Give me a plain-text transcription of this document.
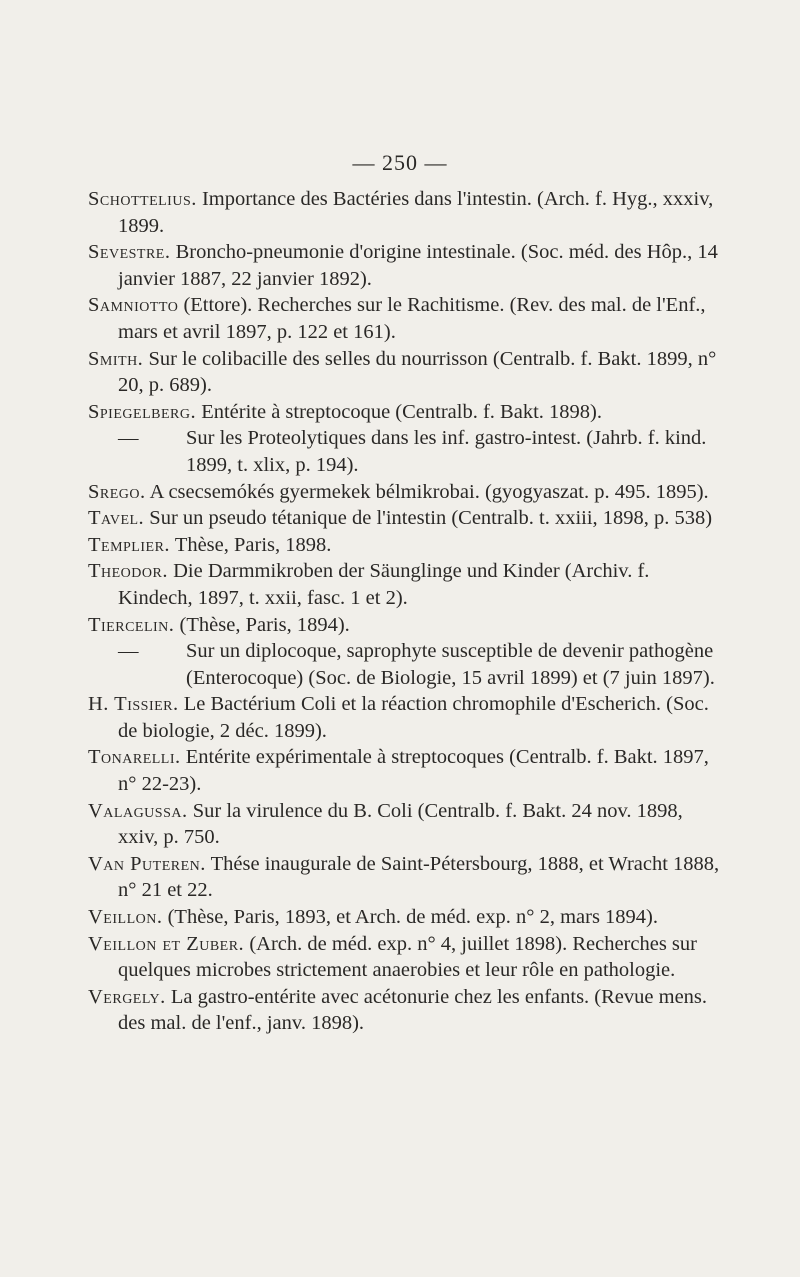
— 250 —

Schottelius. Importance des Bactéries dans l'intestin. (Arch. f. Hyg., xxxiv, 1899.

Sevestre. Broncho-pneumonie d'origine intestinale. (Soc. méd. des Hôp., 14 janvier 1887, 22 janvier 1892).

Samniotto (Ettore). Recherches sur le Rachitisme. (Rev. des mal. de l'Enf., mars et avril 1897, p. 122 et 161).

Smith. Sur le colibacille des selles du nourrisson (Centralb. f. Bakt. 1899, n° 20, p. 689).

Spiegelberg. Entérite à streptocoque (Centralb. f. Bakt. 1898).

— Sur les Proteolytiques dans les inf. gastro-intest. (Jahrb. f. kind. 1899, t. xlix, p. 194).

Srego. A csecsemókés gyermekek bélmikrobai. (gyogyaszat. p. 495. 1895).

Tavel. Sur un pseudo tétanique de l'intestin (Centralb. t. xxiii, 1898, p. 538)

Templier. Thèse, Paris, 1898.

Theodor. Die Darmmikroben der Säunglinge und Kinder (Archiv. f. Kindech, 1897, t. xxii, fasc. 1 et 2).

Tiercelin. (Thèse, Paris, 1894).

— Sur un diplocoque, saprophyte susceptible de devenir pathogène (Enterocoque) (Soc. de Biologie, 15 avril 1899) et (7 juin 1897).

H. Tissier. Le Bactérium Coli et la réaction chromophile d'Escherich. (Soc. de biologie, 2 déc. 1899).

Tonarelli. Entérite expérimentale à streptocoques (Centralb. f. Bakt. 1897, n° 22-23).

Valagussa. Sur la virulence du B. Coli (Centralb. f. Bakt. 24 nov. 1898, xxiv, p. 750.

Van Puteren. Thése inaugurale de Saint-Pétersbourg, 1888, et Wracht 1888, n° 21 et 22.

Veillon. (Thèse, Paris, 1893, et Arch. de méd. exp. n° 2, mars 1894).

Veillon et Zuber. (Arch. de méd. exp. n° 4, juillet 1898). Recherches sur quelques microbes strictement anaerobies et leur rôle en pathologie.

Vergely. La gastro-entérite avec acétonurie chez les enfants. (Revue mens. des mal. de l'enf., janv. 1898).
